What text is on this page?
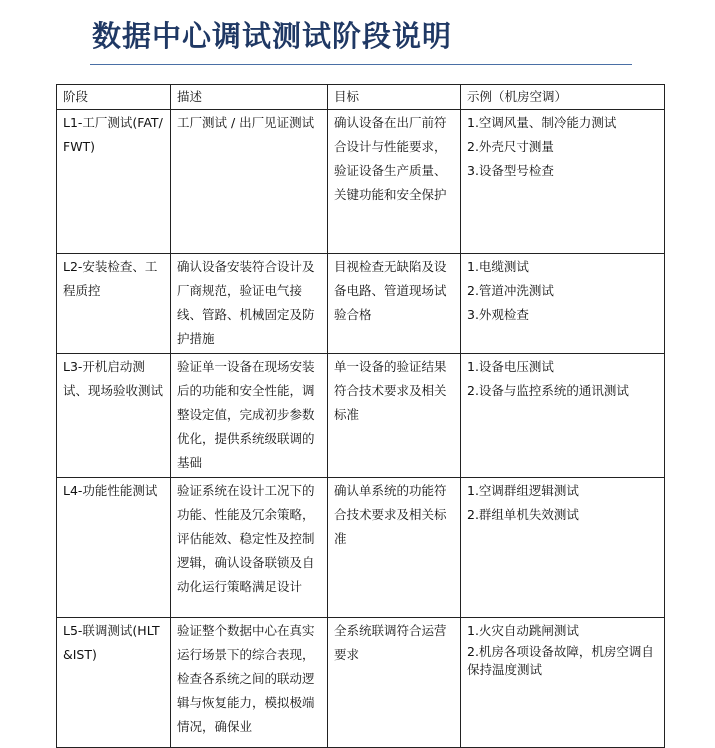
数据中心调试测试阶段说明
阶段	描述	目标	示例（机房空调）
L1-工厂测试(FAT/FWT)	工厂测试 / 出厂见证测试	确认设备在出厂前符合设计与性能要求，验证设备生产质量、关键功能和安全保护	1.空调风量、制冷能力测试
2.外壳尺寸测量
3.设备型号检查

L2-安装检查、工程质控	确认设备安装符合设计及厂商规范，验证电气接线、管路、机械固定及防护措施	目视检查无缺陷及设备电路、管道现场试验合格	1.电缆测试
2.管道冲洗测试
3.外观检查

L3-开机启动测试、现场验收测试	验证单一设备在现场安装后的功能和安全性能，调整设定值，完成初步参数优化，提供系统级联调的基础	单一设备的验证结果符合技术要求及相关标准	1.设备电压测试
2.设备与监控系统的通讯测试

L4-功能性能测试	验证系统在设计工况下的功能、性能及冗余策略，评估能效、稳定性及控制逻辑，确认设备联锁及自动化运行策略满足设计	确认单系统的功能符合技术要求及相关标准	1.空调群组逻辑测试
2.群组单机失效测试

L5-联调测试(HLT&IST)	验证整个数据中心在真实运行场景下的综合表现，检查各系统之间的联动逻辑与恢复能力，模拟极端情况，确保业	全系统联调符合运营要求	1.火灾自动跳闸测试
2.机房各项设备故障，机房空调自保持温度测试
